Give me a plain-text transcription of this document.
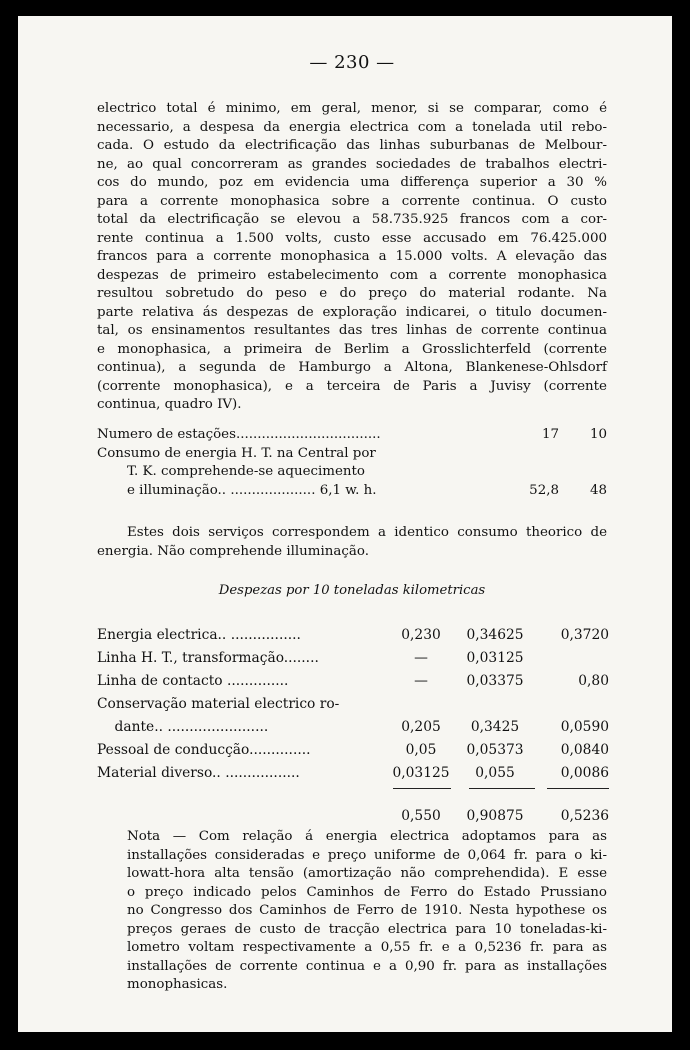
— 230 —
electrico total é minimo, em geral, menor, si se comparar, como é
necessario, a despesa da energia electrica com a tonelada util rebo-
cada. O estudo da electrificação das linhas suburbanas de Melbour-
ne, ao qual concorreram as grandes sociedades de trabalhos electri-
cos do mundo, poz em evidencia uma differença superior a 30 %
para a corrente monophasica sobre a corrente continua. O custo
total da electrificação se elevou a 58.735.925 francos com a cor-
rente continua a 1.500 volts, custo esse accusado em 76.425.000
francos para a corrente monophasica a 15.000 volts. A elevação das
despezas de primeiro estabelecimento com a corrente monophasica
resultou sobretudo do peso e do preço do material rodante. Na
parte relativa ás despezas de exploração indicarei, o titulo documen-
tal, os ensinamentos resultantes das tres linhas de corrente continua
e monophasica, a primeira de Berlim a Grosslichterfeld (corrente
continua), a segunda de Hamburgo a Altona, Blankenese-Ohlsdorf
(corrente monophasica), e a terceira de Paris a Juvisy (corrente
continua, quadro IV).
Numero de estações..................................	17 10
Consumo de energia H. T. na Central por
T. K. comprehende-se aquecimento
e illuminação.. .................... 6,1 w. h.	52,8 48

Estes dois serviços correspondem a identico consumo theorico de energia. Não comprehende illuminação.

Despezas por 10 toneladas kilometricas
Energia electrica.. ................	0,230	0,34625	0,3720
Linha H. T., transformação........	—	0,03125
Linha de contacto ..............	—	0,03375	0,80
Conservação material electrico ro-
dante.. .......................	0,205	0,3425	0,0590
Pessoal de conducção..............	0,05	0,05373	0,0840
Material diverso.. .................	0,03125	0,055	0,0086
0,550	0,90875	0,5236
Nota — Com relação á energia electrica adoptamos para as
installações consideradas e preço uniforme de 0,064 fr. para o ki-
lowatt-hora alta tensão (amortização não comprehendida). E esse
o preço indicado pelos Caminhos de Ferro do Estado Prussiano
no Congresso dos Caminhos de Ferro de 1910. Nesta hypothese os
preços geraes de custo de tracção electrica para 10 toneladas-ki-
lometro voltam respectivamente a 0,55 fr. e a 0,5236 fr. para as
installações de corrente continua e a 0,90 fr. para as installações
monophasicas.
